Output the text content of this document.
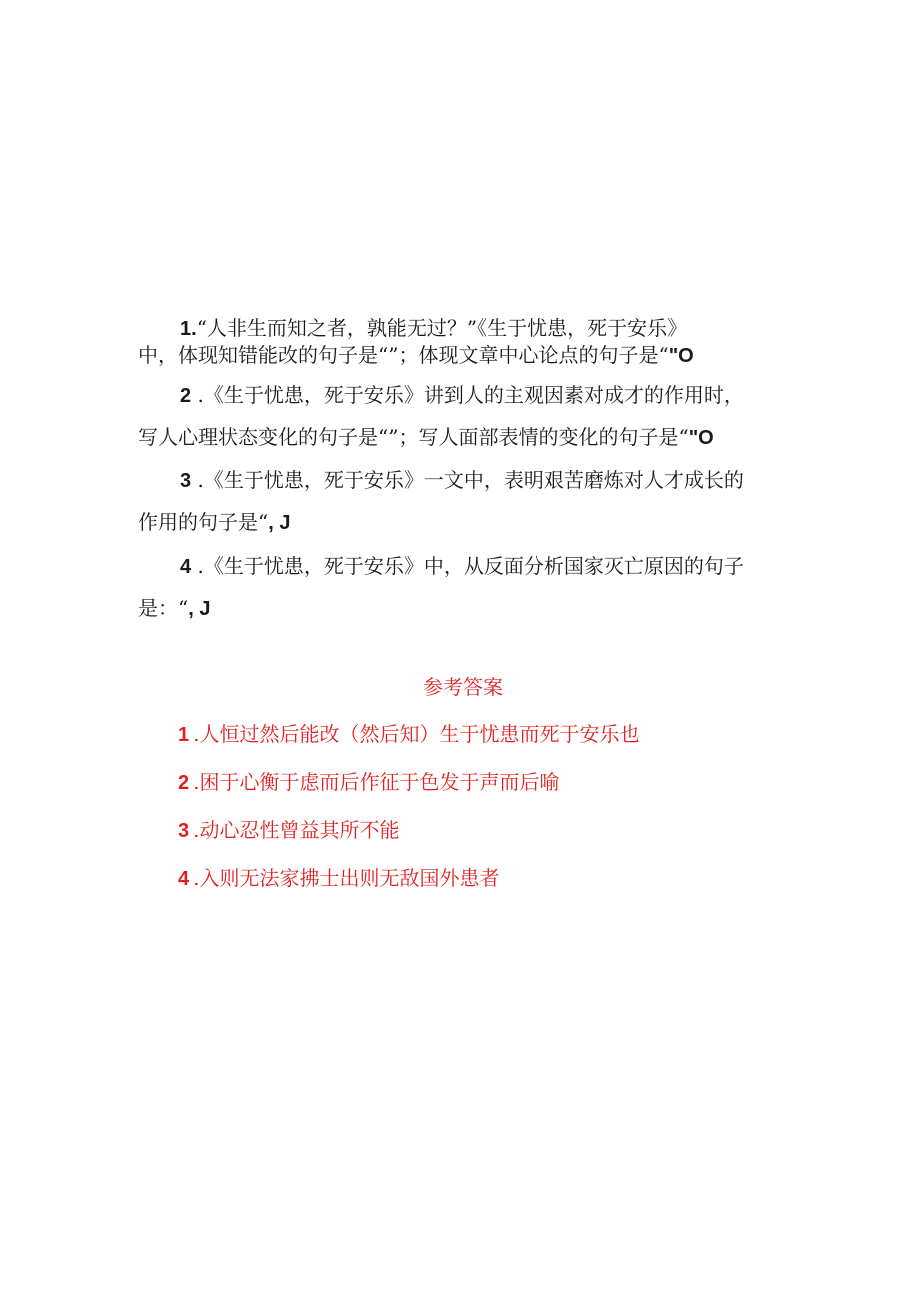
1.“人非生而知之者，孰能无过？”《生于忧患，死于安乐》
中，体现知错能改的句子是“”；体现文章中心论点的句子是“"O
2 .《生于忧患，死于安乐》讲到人的主观因素对成才的作用时，
写人心理状态变化的句子是“”；写人面部表情的变化的句子是“"O
3 .《生于忧患，死于安乐》一文中，表明艰苦磨炼对人才成长的
作用的句子是“, J
4 .《生于忧患，死于安乐》中，从反面分析国家灭亡原因的句子
是：“, J
参考答案
1 .人恒过然后能改（然后知）生于忧患而死于安乐也
2 .困于心衡于虑而后作征于色发于声而后喻
3 .动心忍性曾益其所不能
4 .入则无法家拂士出则无敌国外患者
